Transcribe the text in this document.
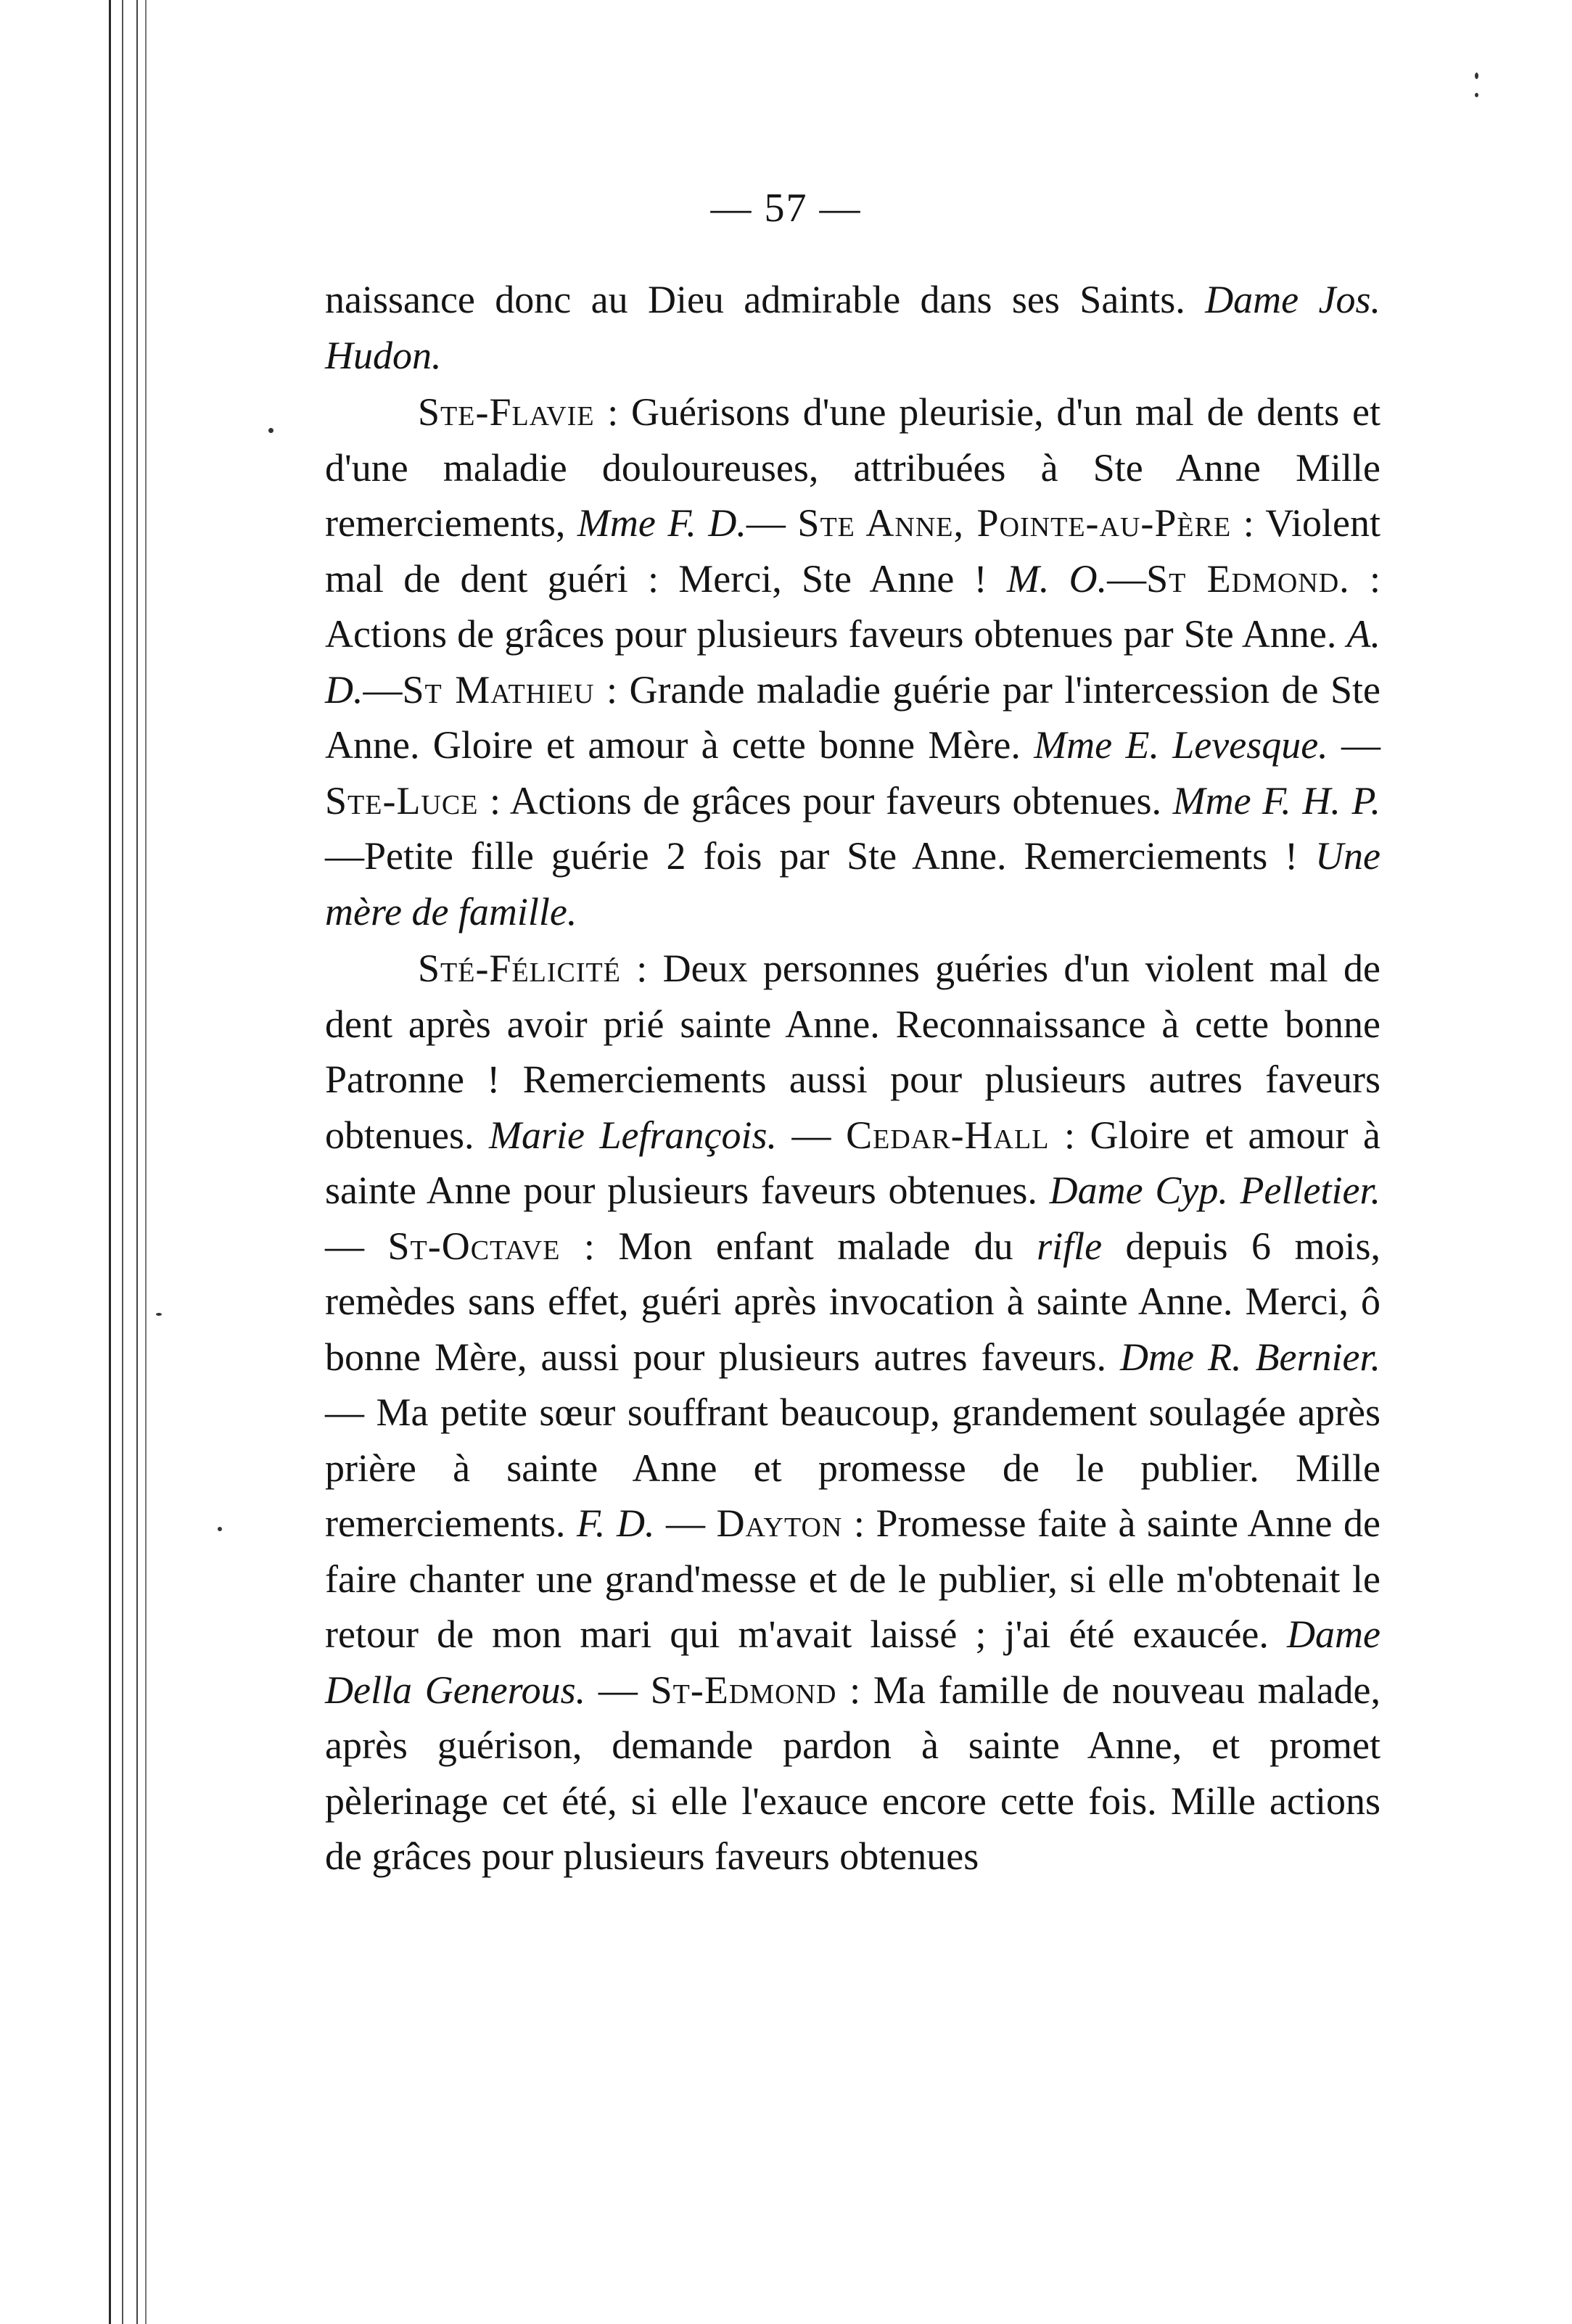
— 57 —

naissance donc au Dieu admirable dans ses Saints. Dame Jos. Hudon.

Ste-Flavie : Guérisons d'une pleurisie, d'un mal de dents et d'une maladie douloureuses, attribuées à Ste Anne Mille remerciements, Mme F. D.— Ste Anne, Pointe-au-Père : Violent mal de dent guéri : Merci, Ste Anne ! M. O.—St Edmond. : Actions de grâces pour plusieurs faveurs obtenues par Ste Anne. A. D.—St Mathieu : Grande maladie guérie par l'intercession de Ste Anne. Gloire et amour à cette bonne Mère. Mme E. Levesque. —Ste-Luce : Actions de grâces pour faveurs obtenues. Mme F. H. P.—Petite fille guérie 2 fois par Ste Anne. Remerciements ! Une mère de famille.

Sté-Félicité : Deux personnes guéries d'un violent mal de dent après avoir prié sainte Anne. Reconnaissance à cette bonne Patronne ! Remerciements aussi pour plusieurs autres faveurs obtenues. Marie Lefrançois. — Cedar-Hall : Gloire et amour à sainte Anne pour plusieurs faveurs obtenues. Dame Cyp. Pelletier. — St-Octave : Mon enfant malade du rifle depuis 6 mois, remèdes sans effet, guéri après invocation à sainte Anne. Merci, ô bonne Mère, aussi pour plusieurs autres faveurs. Dme R. Bernier. — Ma petite sœur souffrant beaucoup, grandement soulagée après prière à sainte Anne et promesse de le publier. Mille remerciements. F. D. — Dayton : Promesse faite à sainte Anne de faire chanter une grand'messe et de le publier, si elle m'obtenait le retour de mon mari qui m'avait laissé ; j'ai été exaucée. Dame Della Generous. — St-Edmond : Ma famille de nouveau malade, après guérison, demande pardon à sainte Anne, et promet pèlerinage cet été, si elle l'exauce encore cette fois. Mille actions de grâces pour plusieurs faveurs obtenues
